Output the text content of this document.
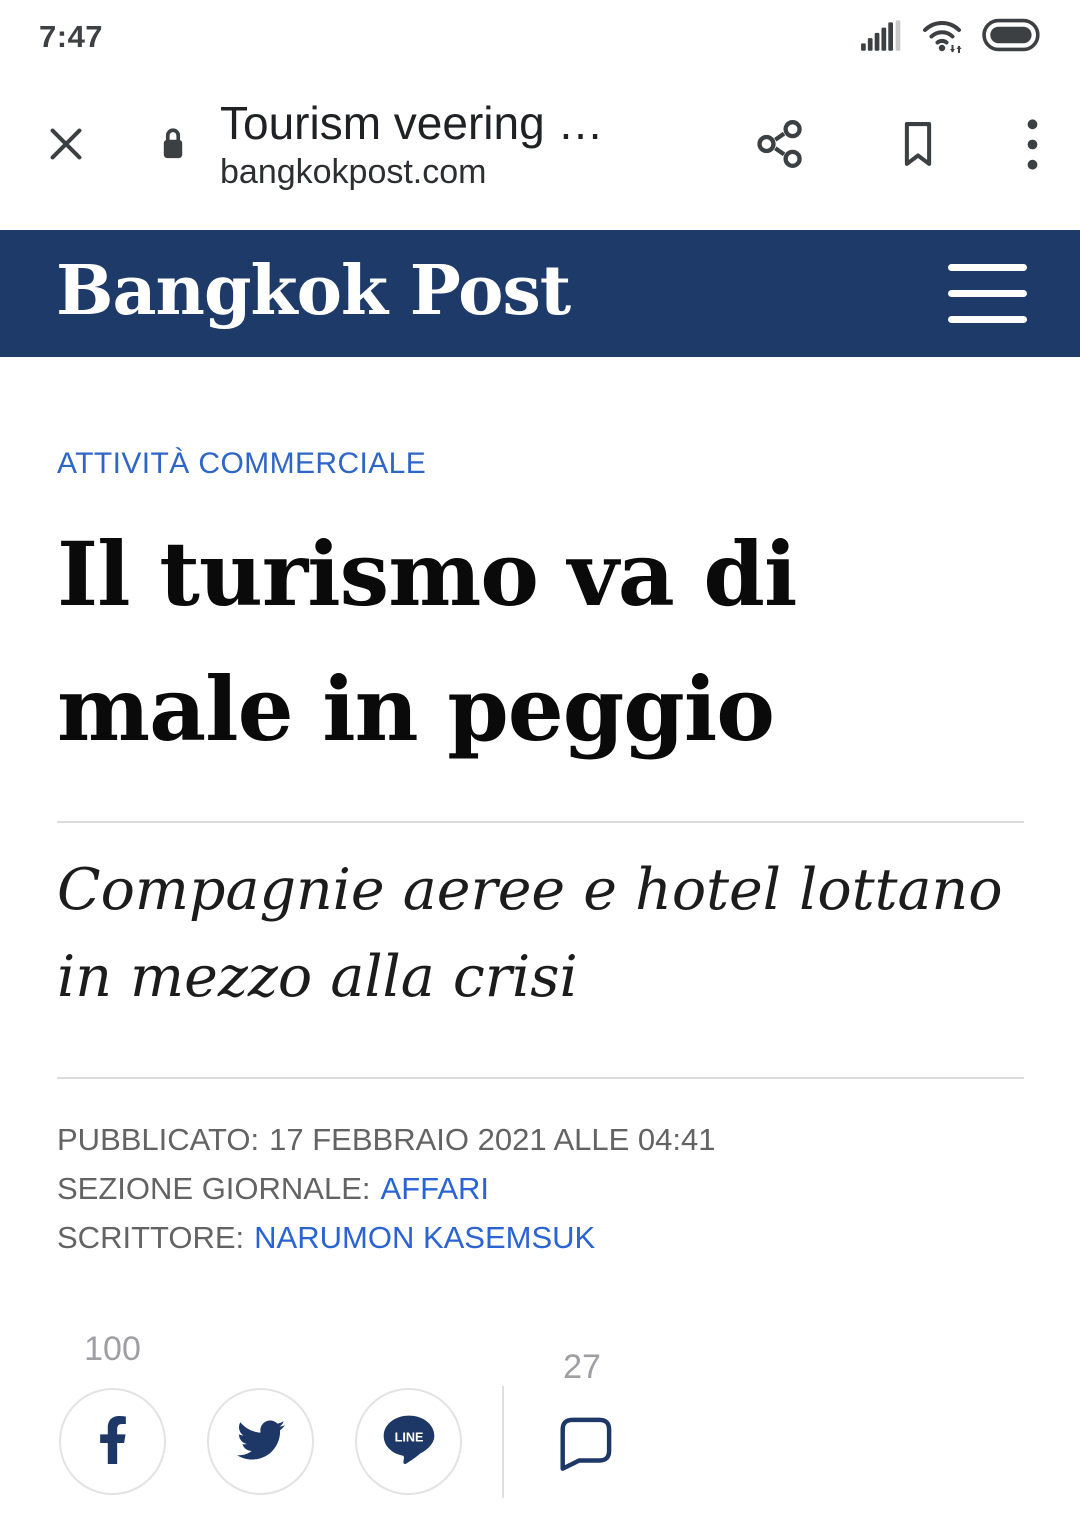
7:47
Tourism veering …
bangkokpost.com
Bangkok Post
ATTIVITÀ COMMERCIALE
Il turismo va di
male in peggio
Compagnie aeree e hotel lottano
in mezzo alla crisi
PUBBLICATO: 17 FEBBRAIO 2021 ALLE 04:41
SEZIONE GIORNALE: AFFARI
SCRITTORE: NARUMON KASEMSUK
100	27
LINE
